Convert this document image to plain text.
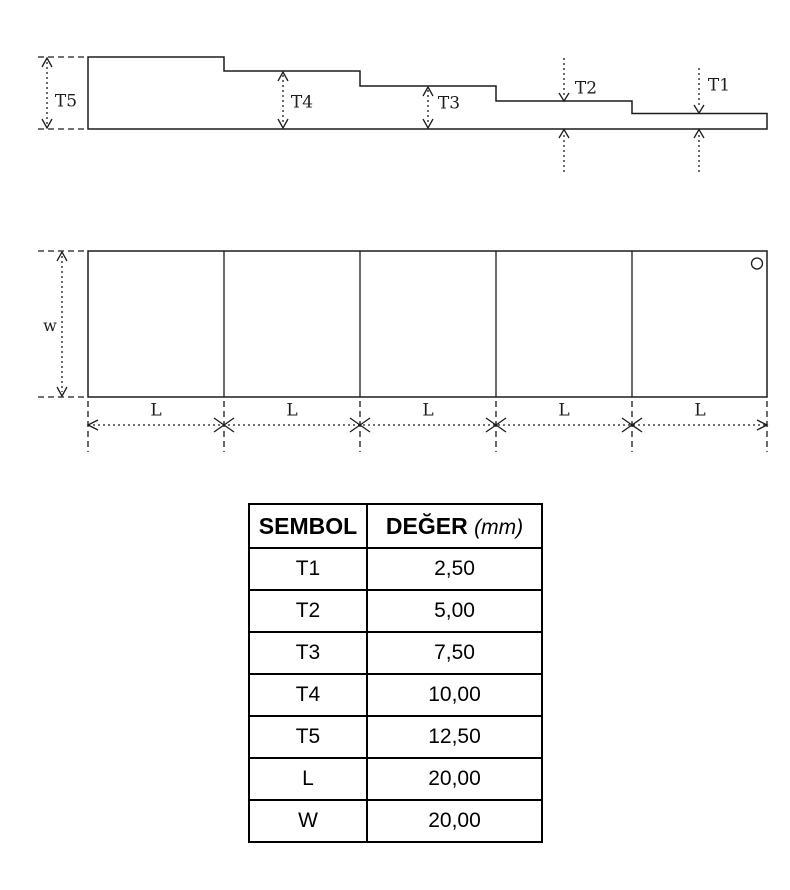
T5	T4	T3
T2	T1
w
L	L	L	L	L
SEMBOL	DEĞER (mm)
T1	2,50
T2	5,00
T3	7,50
T4	10,00
T5	12,50
L	20,00
W	20,00
